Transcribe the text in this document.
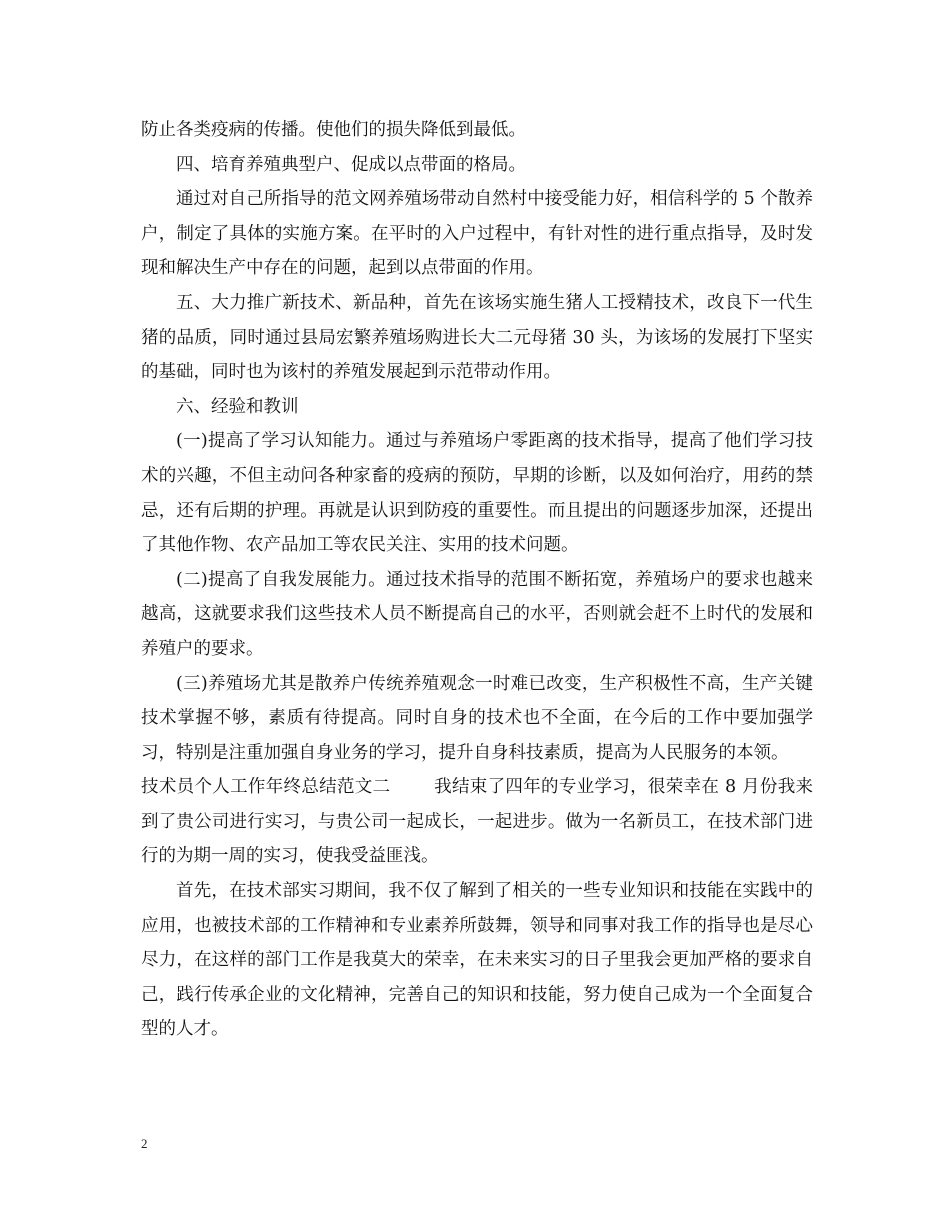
防止各类疫病的传播。使他们的损失降低到最低。

四、培育养殖典型户、促成以点带面的格局。

通过对自己所指导的范文网养殖场带动自然村中接受能力好，相信科学的 5 个散养户，制定了具体的实施方案。在平时的入户过程中，有针对性的进行重点指导，及时发现和解决生产中存在的问题，起到以点带面的作用。

五、大力推广新技术、新品种，首先在该场实施生猪人工授精技术，改良下一代生猪的品质，同时通过县局宏繁养殖场购进长大二元母猪 30 头，为该场的发展打下坚实的基础，同时也为该村的养殖发展起到示范带动作用。

六、经验和教训

(一)提高了学习认知能力。通过与养殖场户零距离的技术指导，提高了他们学习技术的兴趣，不但主动问各种家畜的疫病的预防，早期的诊断，以及如何治疗，用药的禁忌，还有后期的护理。再就是认识到防疫的重要性。而且提出的问题逐步加深，还提出了其他作物、农产品加工等农民关注、实用的技术问题。

(二)提高了自我发展能力。通过技术指导的范围不断拓宽，养殖场户的要求也越来越高，这就要求我们这些技术人员不断提高自己的水平，否则就会赶不上时代的发展和养殖户的要求。

(三)养殖场尤其是散养户传统养殖观念一时难已改变，生产积极性不高，生产关键技术掌握不够，素质有待提高。同时自身的技术也不全面，在今后的工作中要加强学习，特别是注重加强自身业务的学习，提升自身科技素质，提高为人民服务的本领。

技术员个人工作年终总结范文二	我结束了四年的专业学习，很荣幸在 8 月份我来到了贵公司进行实习，与贵公司一起成长，一起进步。做为一名新员工，在技术部门进行的为期一周的实习，使我受益匪浅。

首先，在技术部实习期间，我不仅了解到了相关的一些专业知识和技能在实践中的应用，也被技术部的工作精神和专业素养所鼓舞，领导和同事对我工作的指导也是尽心尽力，在这样的部门工作是我莫大的荣幸，在未来实习的日子里我会更加严格的要求自己，践行传承企业的文化精神，完善自己的知识和技能，努力使自己成为一个全面复合型的人才。

2
